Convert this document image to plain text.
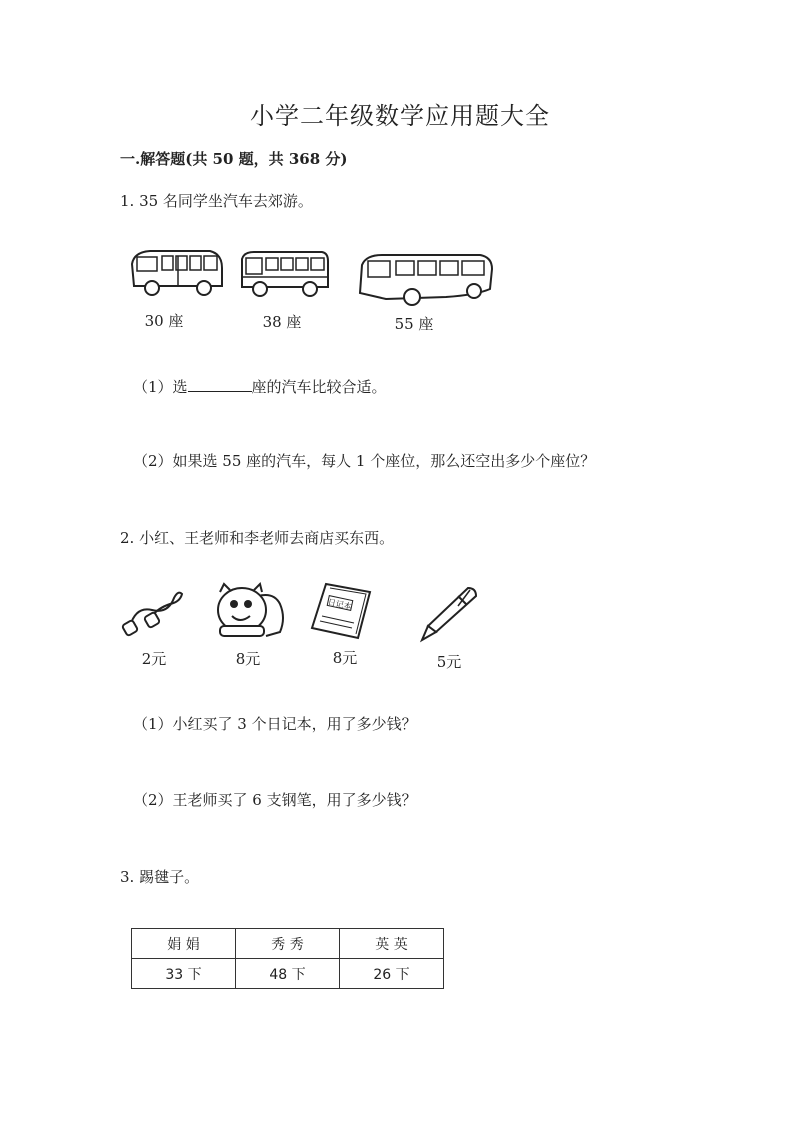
小学二年级数学应用题大全
一.解答题(共 50 题，共 368 分)
1. 35 名同学坐汽车去郊游。
30 座	38 座	55 座
（1）选	座的汽车比较合适。
（2）如果选 55 座的汽车，每人 1 个座位，那么还空出多少个座位？
2. 小红、王老师和李老师去商店买东西。
日记本
2元	8元	8元	5元
（1）小红买了 3 个日记本，用了多少钱？
（2）王老师买了 6 支钢笔，用了多少钱？
3. 踢毽子。
娟 娟	秀 秀	英 英
33 下	48 下	26 下
